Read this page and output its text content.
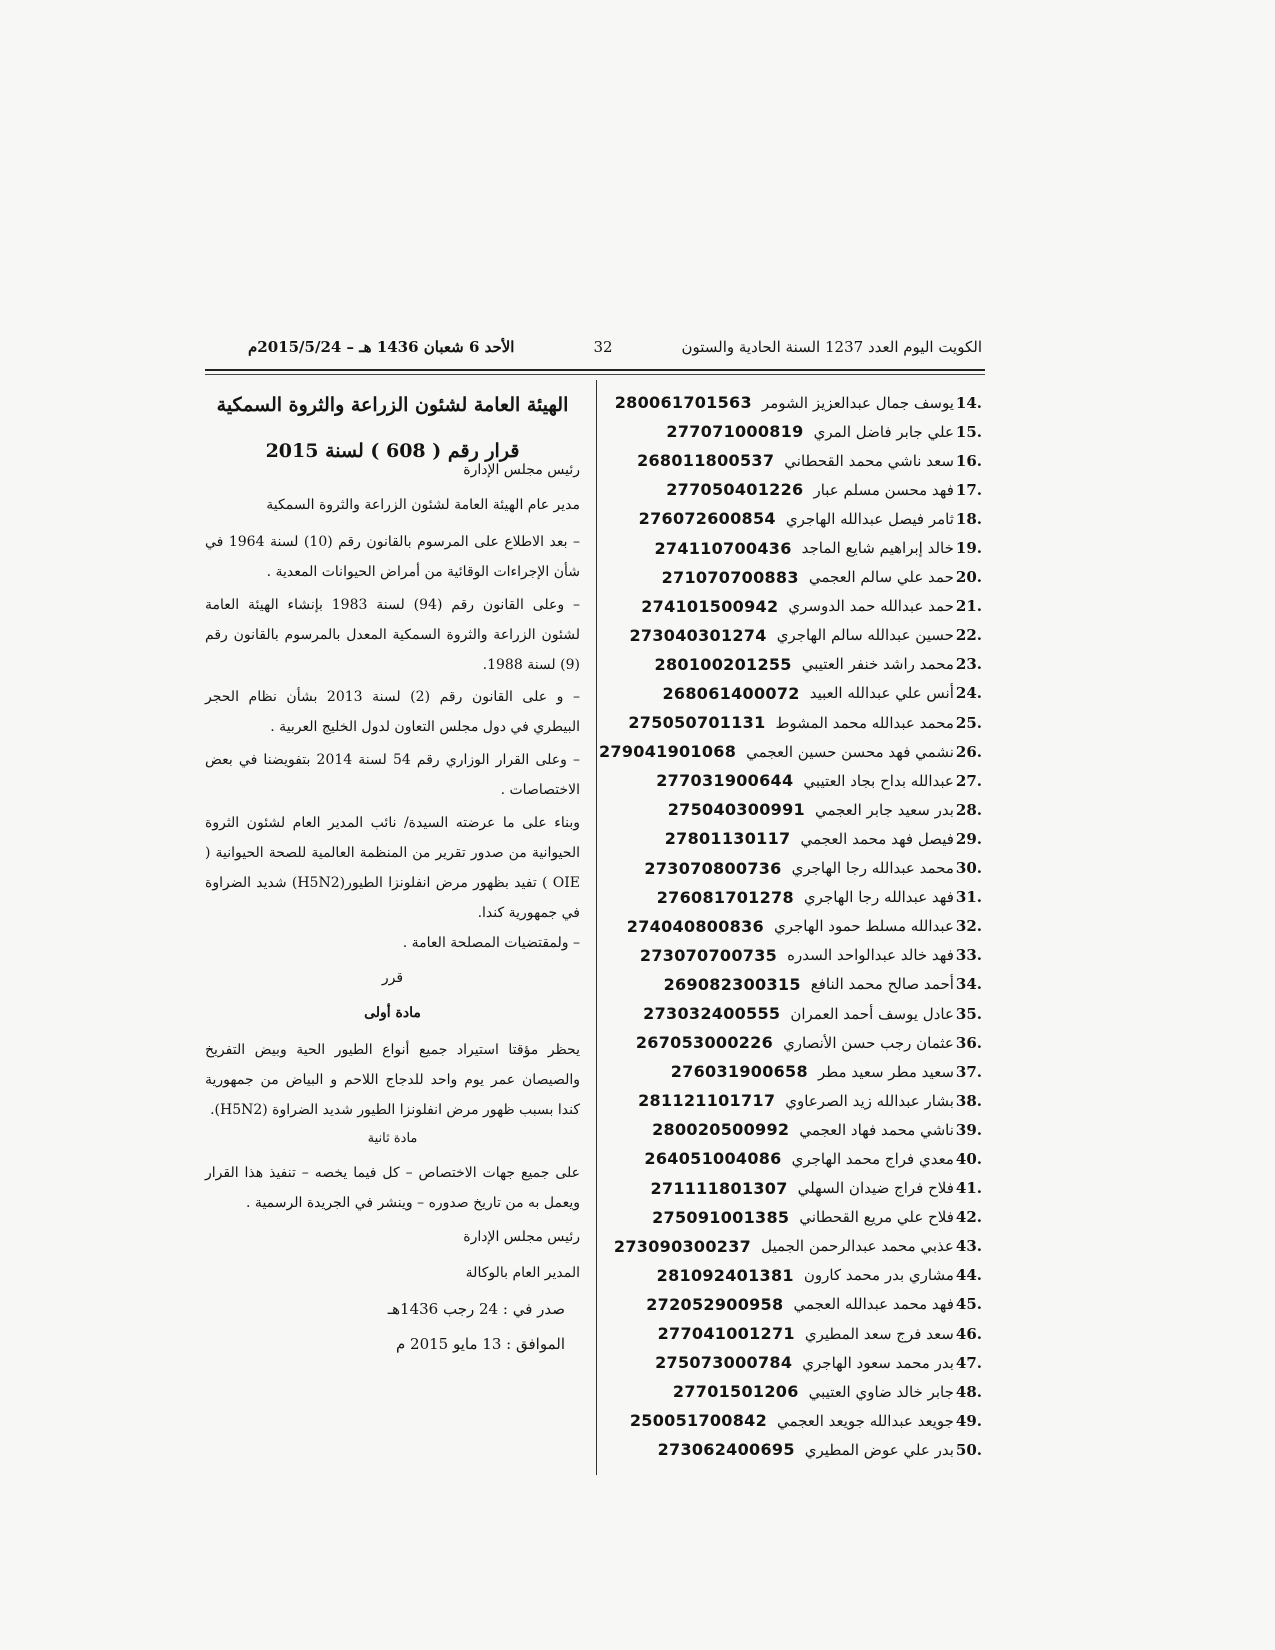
الكويت اليوم العدد 1237 السنة الحادية والستون
32
الأحد 6 شعبان 1436 هـ – 2015/5/24م
14.
يوسف جمال عبدالعزيز الشومر
280061701563
15.
علي جابر فاضل المري
277071000819
16.
سعد ناشي محمد القحطاني
268011800537
17.
فهد محسن مسلم عبار
277050401226
18.
ثامر فيصل عبدالله الهاجري
276072600854
19.
خالد إبراهيم شايع الماجد
274110700436
20.
حمد علي سالم العجمي
271070700883
21.
حمد عبدالله حمد الدوسري
274101500942
22.
حسين عبدالله سالم الهاجري
273040301274
23.
محمد راشد خنفر العتيبي
280100201255
24.
أنس علي عبدالله العبيد
268061400072
25.
محمد عبدالله محمد المشوط
275050701131
26.
نشمي فهد محسن حسين العجمي
279041901068
27.
عبدالله بداح بجاد العتيبي
277031900644
28.
بدر سعيد جابر العجمي
275040300991
29.
فيصل فهد محمد العجمي
27801130117
30.
محمد عبدالله رجا الهاجري
273070800736
31.
فهد عبدالله رجا الهاجري
276081701278
32.
عبدالله مسلط حمود الهاجري
274040800836
33.
فهد خالد عبدالواحد السدره
273070700735
34.
أحمد صالح محمد النافع
269082300315
35.
عادل يوسف أحمد العمران
273032400555
36.
عثمان رجب حسن الأنصاري
267053000226
37.
سعيد مطر سعيد مطر
276031900658
38.
بشار عبدالله زيد الصرعاوي
281121101717
39.
ناشي محمد فهاد العجمي
280020500992
40.
معدي فراج محمد الهاجري
264051004086
41.
فلاح فراج ضيدان السهلي
271111801307
42.
فلاح علي مريع القحطاني
275091001385
43.
عذبي محمد عبدالرحمن الجميل
273090300237
44.
مشاري بدر محمد كارون
281092401381
45.
فهد محمد عبدالله العجمي
272052900958
46.
سعد فرج سعد المطيري
277041001271
47.
بدر محمد سعود الهاجري
275073000784
48.
جابر خالد ضاوي العتيبي
27701501206
49.
جويعد عبدالله جويعد العجمي
250051700842
50.
بدر علي عوض المطيري
273062400695
الهيئة العامة لشئون الزراعة والثروة السمكية
قرار رقم ( 608 ) لسنة 2015
رئيس مجلس الإدارة
مدير عام الهيئة العامة لشئون الزراعة والثروة السمكية
– بعد الاطلاع على المرسوم بالقانون رقم (10) لسنة 1964 في شأن الإجراءات الوقائية من أمراض الحيوانات المعدية .
– وعلى القانون رقم (94) لسنة 1983 بإنشاء الهيئة العامة لشئون الزراعة والثروة السمكية المعدل بالمرسوم بالقانون رقم (9) لسنة 1988.
– و على القانون رقم (2) لسنة 2013 بشأن نظام الحجر البيطري في دول مجلس التعاون لدول الخليج العربية .
– وعلى القرار الوزاري رقم 54 لسنة 2014 بتفويضنا في بعض الاختصاصات .
وبناء على ما عرضته السيدة/ نائب المدير العام لشئون الثروة الحيوانية من صدور تقرير من المنظمة العالمية للصحة الحيوانية ( OIE ) تفيد بظهور مرض انفلونزا الطيور(H5N2) شديد الضراوة في جمهورية كندا.
– ولمقتضيات المصلحة العامة .
قرر
مادة أولى
يحظر مؤقتا استيراد جميع أنواع الطيور الحية وبيض التفريخ والصيصان عمر يوم واحد للدجاج اللاحم و البياض من جمهورية كندا بسبب ظهور مرض انفلونزا الطيور شديد الضراوة (H5N2).
مادة ثانية
على جميع جهات الاختصاص – كل فيما يخصه – تنفيذ هذا القرار ويعمل به من تاريخ صدوره – وينشر في الجريدة الرسمية .
رئيس مجلس الإدارة
المدير العام بالوكالة
صدر في : 24 رجب 1436هـ
الموافق : 13 مايو 2015 م
